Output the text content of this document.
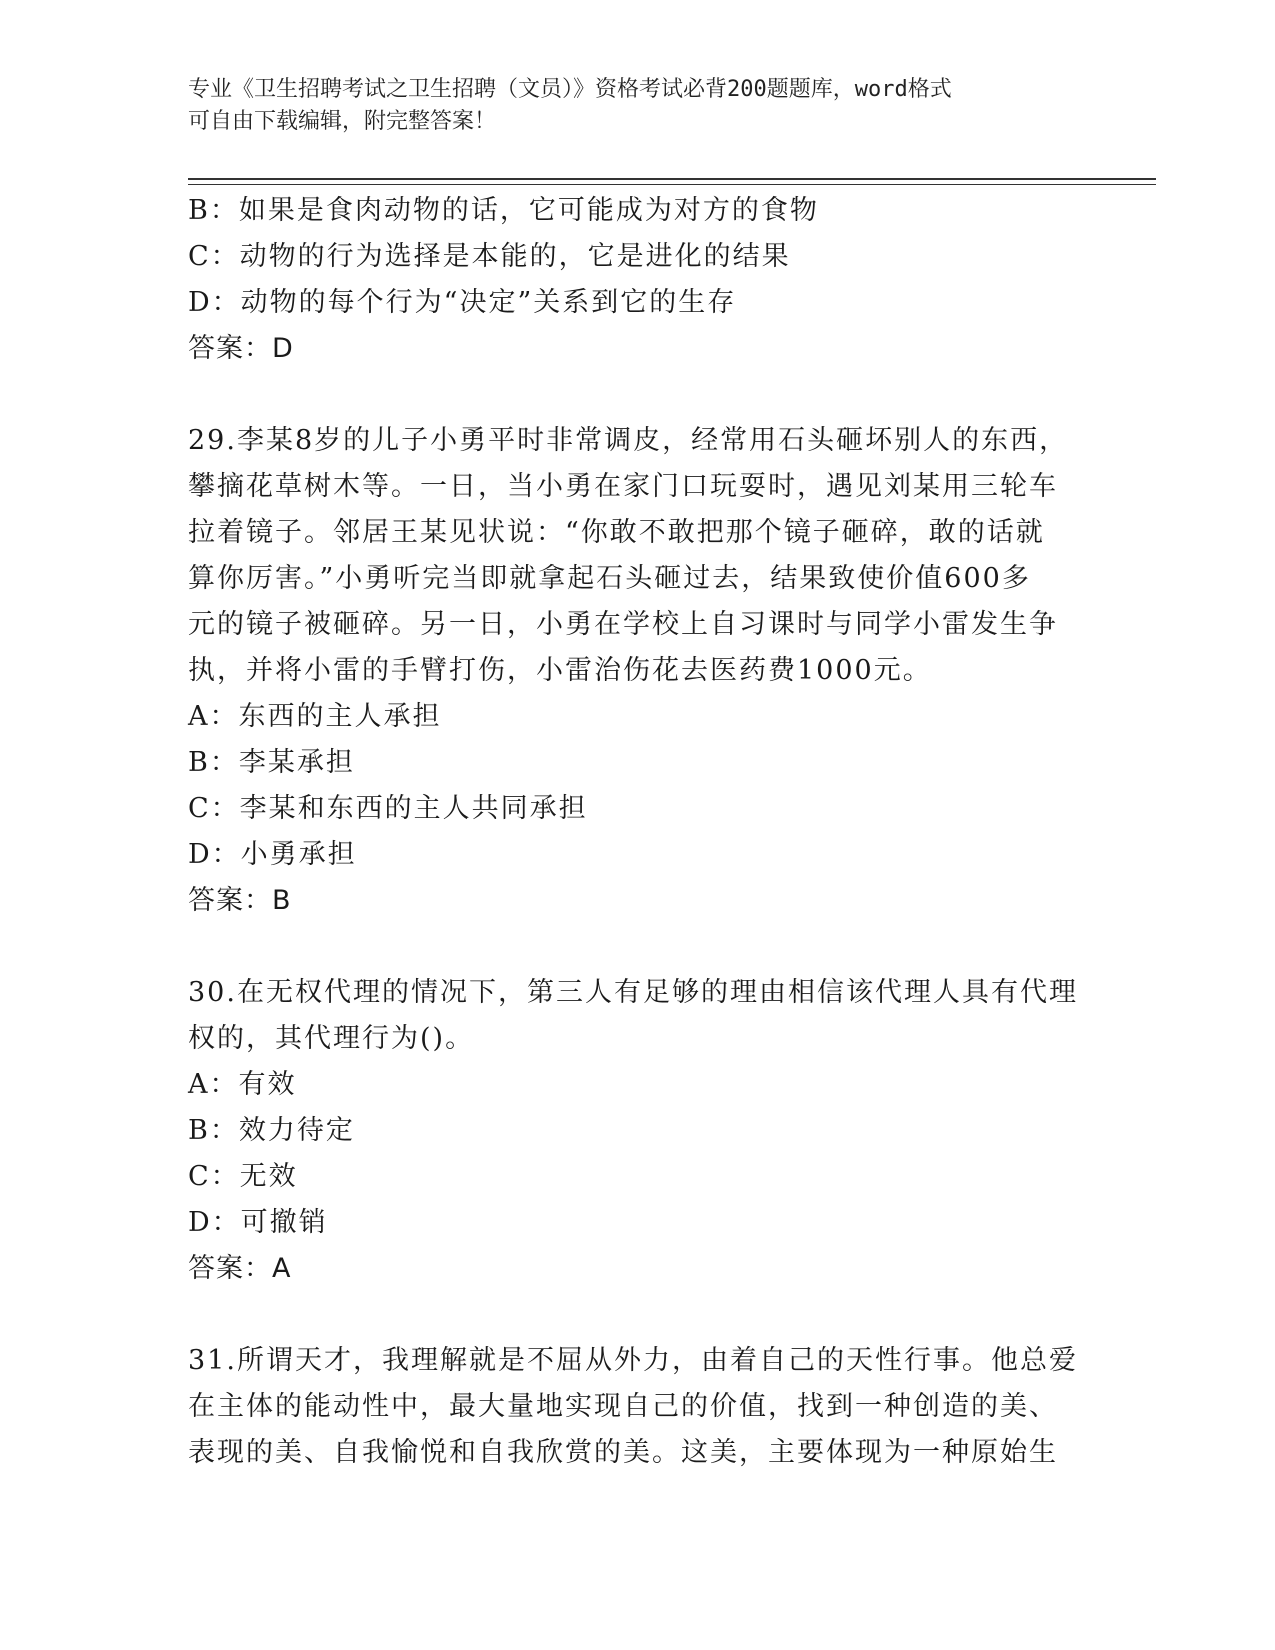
专业《卫生招聘考试之卫生招聘（文员）》资格考试必背200题题库，word格式
可自由下载编辑，附完整答案！
B：如果是食肉动物的话，它可能成为对方的食物
C：动物的行为选择是本能的，它是进化的结果
D：动物的每个行为“决定”关系到它的生存
答案：D
29.李某8岁的儿子小勇平时非常调皮，经常用石头砸坏别人的东西，
攀摘花草树木等。一日，当小勇在家门口玩耍时，遇见刘某用三轮车
拉着镜子。邻居王某见状说：“你敢不敢把那个镜子砸碎，敢的话就
算你厉害。”小勇听完当即就拿起石头砸过去，结果致使价值600多
元的镜子被砸碎。另一日，小勇在学校上自习课时与同学小雷发生争
执，并将小雷的手臂打伤，小雷治伤花去医药费1000元。
A：东西的主人承担
B：李某承担
C：李某和东西的主人共同承担
D：小勇承担
答案：B
30.在无权代理的情况下，第三人有足够的理由相信该代理人具有代理
权的，其代理行为()。
A：有效
B：效力待定
C：无效
D：可撤销
答案：A
31.所谓天才，我理解就是不屈从外力，由着自己的天性行事。他总爱
在主体的能动性中，最大量地实现自己的价值，找到一种创造的美、
表现的美、自我愉悦和自我欣赏的美。这美，主要体现为一种原始生
